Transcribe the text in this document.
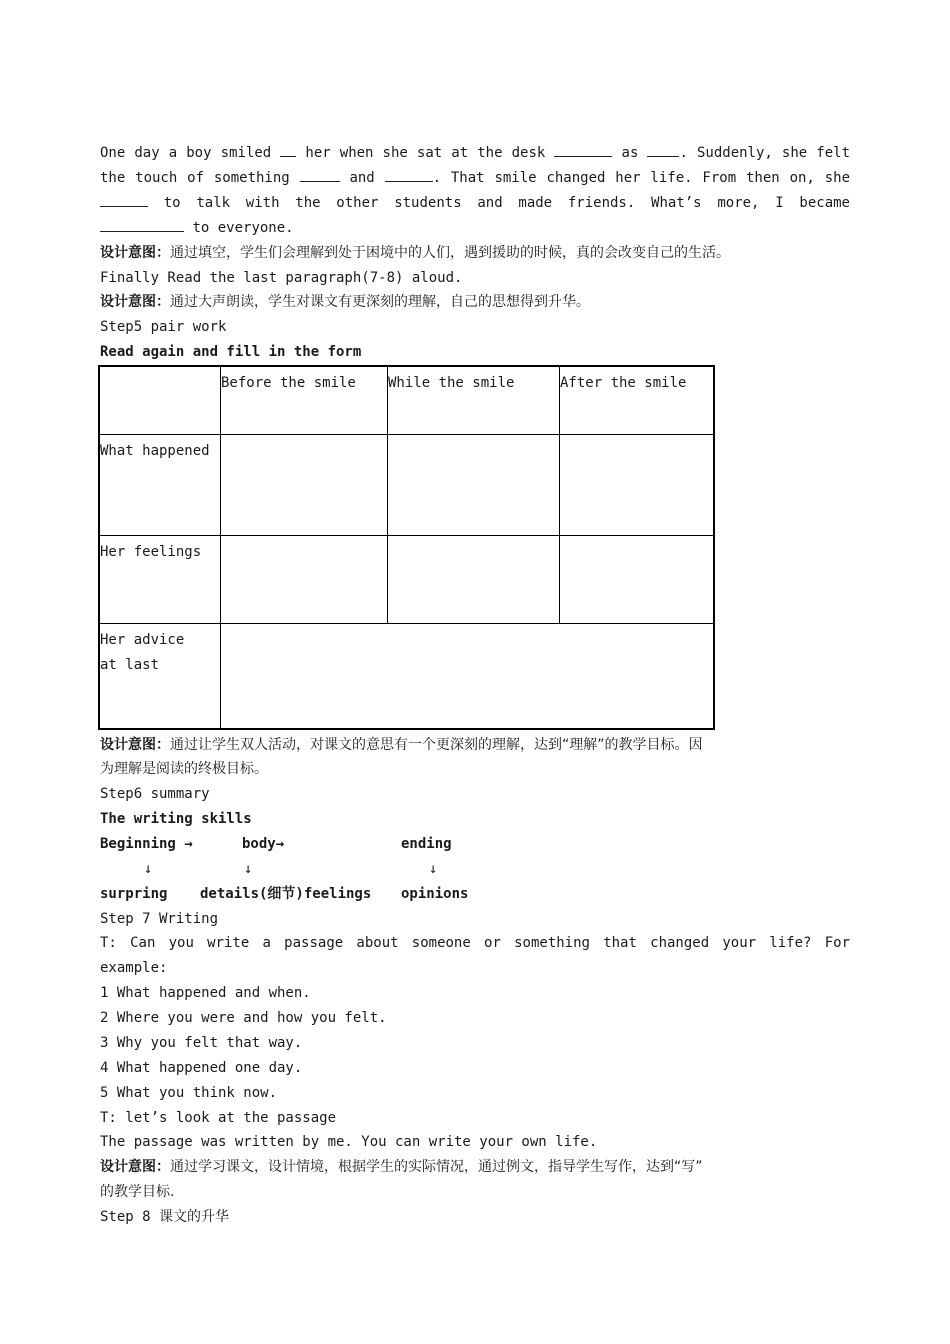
One day a boy smiled her when she sat at the desk	as	. Suddenly, she felt
the touch of something	and	. That smile changed her life. From then on, she
to talk with the other students and made friends. What’s more, I became
to everyone.
设计意图：通过填空，学生们会理解到处于困境中的人们，遇到援助的时候，真的会改变自己的生活。
Finally Read the last paragraph(7-8) aloud.
设计意图：通过大声朗读，学生对课文有更深刻的理解，自己的思想得到升华。
Step5 pair work
Read again and fill in the form
	Before the smile	While the smile	After the smile
What happened			
Her feelings			

Her advice
at last			

设计意图：通过让学生双人活动，对课文的意思有一个更深刻的理解，达到“理解”的教学目标。因
为理解是阅读的终极目标。
Step6 summary
The writing skills
Beginning →	body→	ending
↓	↓	↓
surpring details(细节)feelings opinions
Step 7 Writing
T: Can you write a passage about someone or something that changed your life? For
example:
1 What happened and when.
2 Where you were and how you felt.
3 Why you felt that way.
4 What happened one day.
5 What you think now.
T: let’s look at the passage
The passage was written by me. You can write your own life.
设计意图：通过学习课文，设计情境，根据学生的实际情况，通过例文，指导学生写作，达到“写”
的教学目标.
Step 8 课文的升华
